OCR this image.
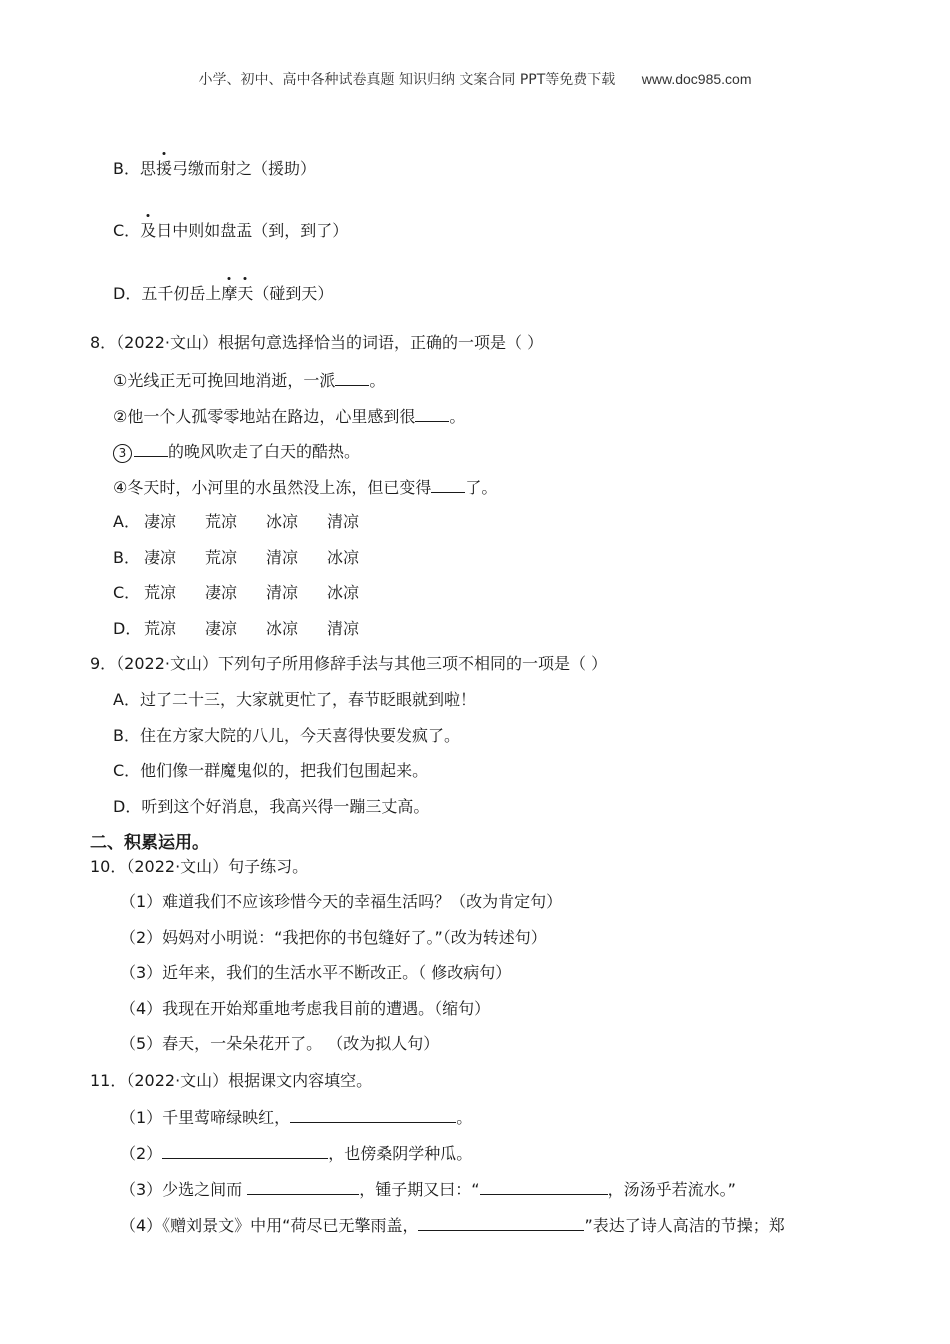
小学、初中、高中各种试卷真题 知识归纳 文案合同 PPT等免费下载 www.doc985.com
B．思援弓缴而射之（援助）
C．及日中则如盘盂（到，到了）
D．五千仞岳上摩天（碰到天）
8．（2022·文山）根据句意选择恰当的词语，正确的一项是（ ）
①光线正无可挽回地消逝，一派 。
②他一个人孤零零地站在路边，心里感到很 。
3	的晚风吹走了白天的酷热。
④冬天时，小河里的水虽然没上冻，但已变得 了。
A． 凄凉 荒凉 冰凉 清凉
B． 凄凉 荒凉 清凉 冰凉
C． 荒凉 凄凉 清凉 冰凉
D． 荒凉 凄凉 冰凉 清凉
9．（2022·文山）下列句子所用修辞手法与其他三项不相同的一项是（ ）
A．过了二十三，大家就更忙了，春节眨眼就到啦！
B．住在方家大院的八儿，今天喜得快要发疯了。
C．他们像一群魔鬼似的，把我们包围起来。
D．听到这个好消息，我高兴得一蹦三丈高。
二、积累运用。
10．（2022·文山）句子练习。
（1）难道我们不应该珍惜今天的幸福生活吗？（改为肯定句）
（2）妈妈对小明说：“我把你的书包缝好了。”（改为转述句）
（3）近年来，我们的生活水平不断改正。（ 修改病句）
（4）我现在开始郑重地考虑我目前的遭遇。（缩句）
（5）春天，一朵朵花开了。 （改为拟人句）
11．（2022·文山）根据课文内容填空。
（1）千里莺啼绿映红，	。
（2）	，也傍桑阴学种瓜。
（3）少选之间而	，锺子期又曰：“	，汤汤乎若流水。”
（4）《赠刘景文》中用“荷尽已无擎雨盖，	”表达了诗人高洁的节操；郑
